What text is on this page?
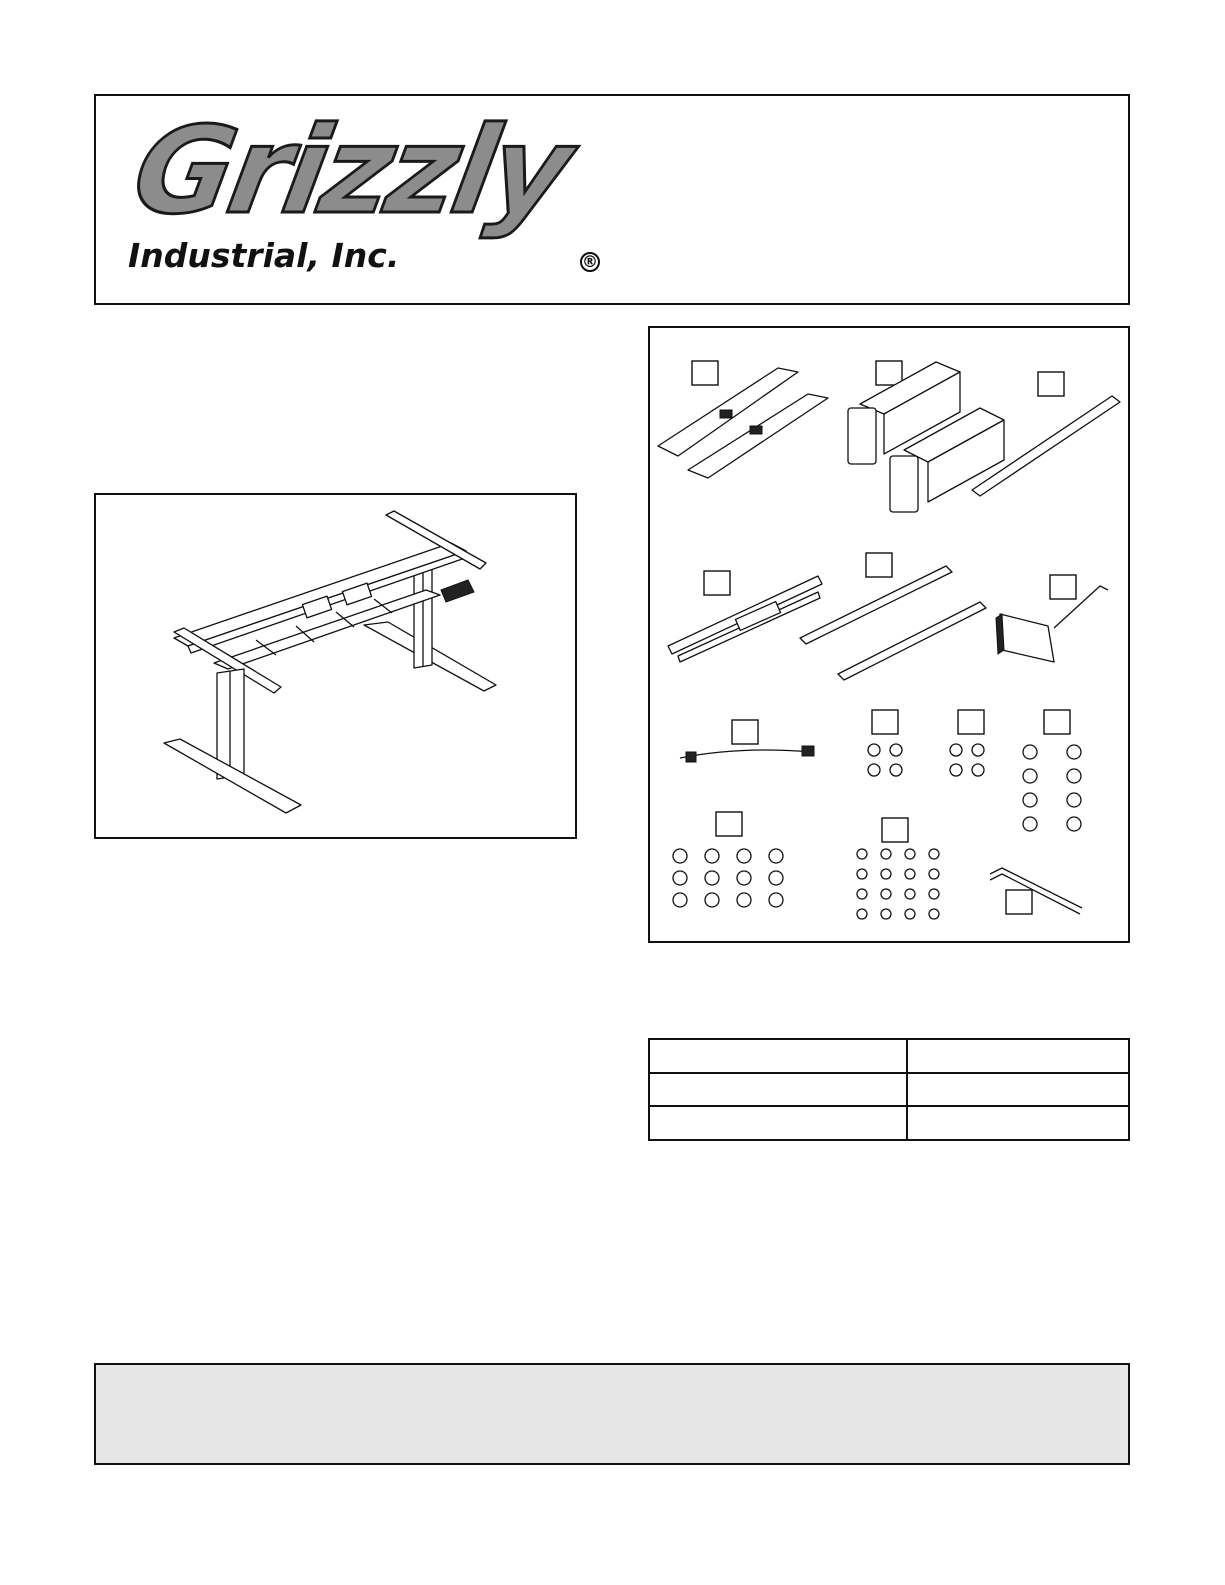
Grizzly
Industrial, Inc.	®
